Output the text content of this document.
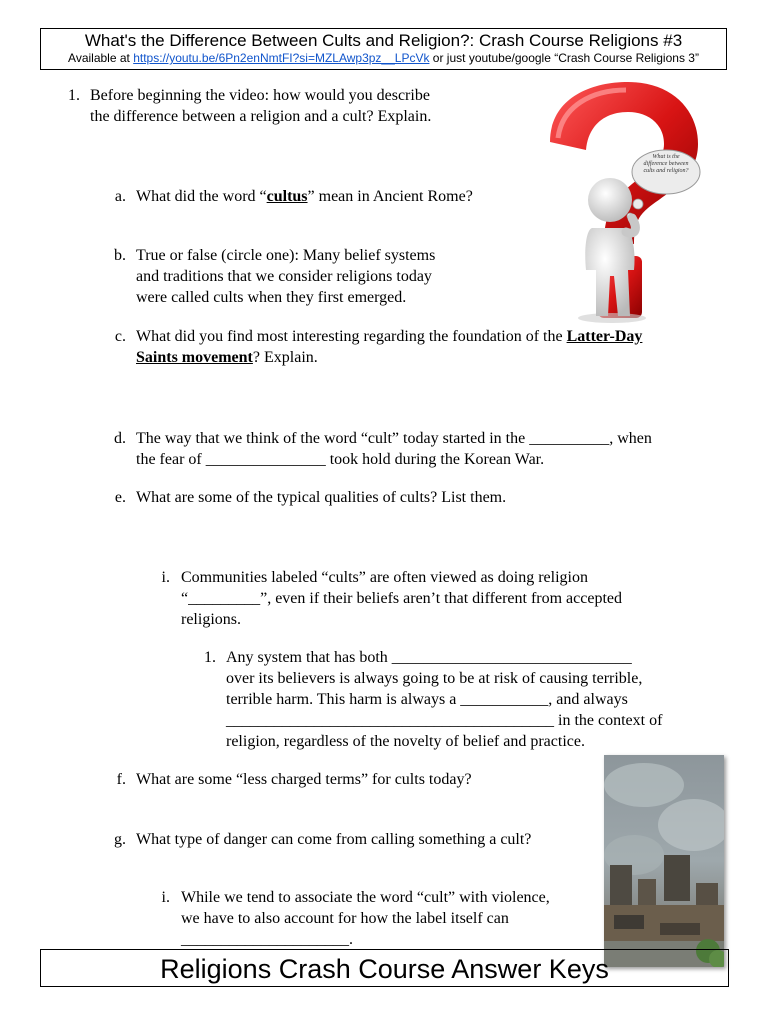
What's the Difference Between Cults and Religion?: Crash Course Religions #3
Available at https://youtu.be/6Pn2enNmtFI?si=MZLAwp3pz__LPcVk or just youtube/google “Crash Course Religions 3”
What is the difference between cults and religion?
1. Before beginning the video: how would you describe
the difference between a religion and a cult? Explain.
a. What did the word “cultus” mean in Ancient Rome?
b. True or false (circle one): Many belief systems
and traditions that we consider religions today
were called cults when they first emerged.
c. What did you find most interesting regarding the foundation of the Latter-Day
Saints movement? Explain.
d. The way that we think of the word “cult” today started in the __________, when
the fear of _______________ took hold during the Korean War.
e. What are some of the typical qualities of cults? List them.
i. Communities labeled “cults” are often viewed as doing religion
“_________”, even if their beliefs aren’t that different from accepted
religions.
1. Any system that has both ______________________________
over its believers is always going to be at risk of causing terrible,
terrible harm. This harm is always a ___________, and always
_________________________________________ in the context of
religion, regardless of the novelty of belief and practice.
f. What are some “less charged terms” for cults today?
g. What type of danger can come from calling something a cult?
i. While we tend to associate the word “cult” with violence,
we have to also account for how the label itself can
_____________________.
Religions Crash Course Answer Keys
